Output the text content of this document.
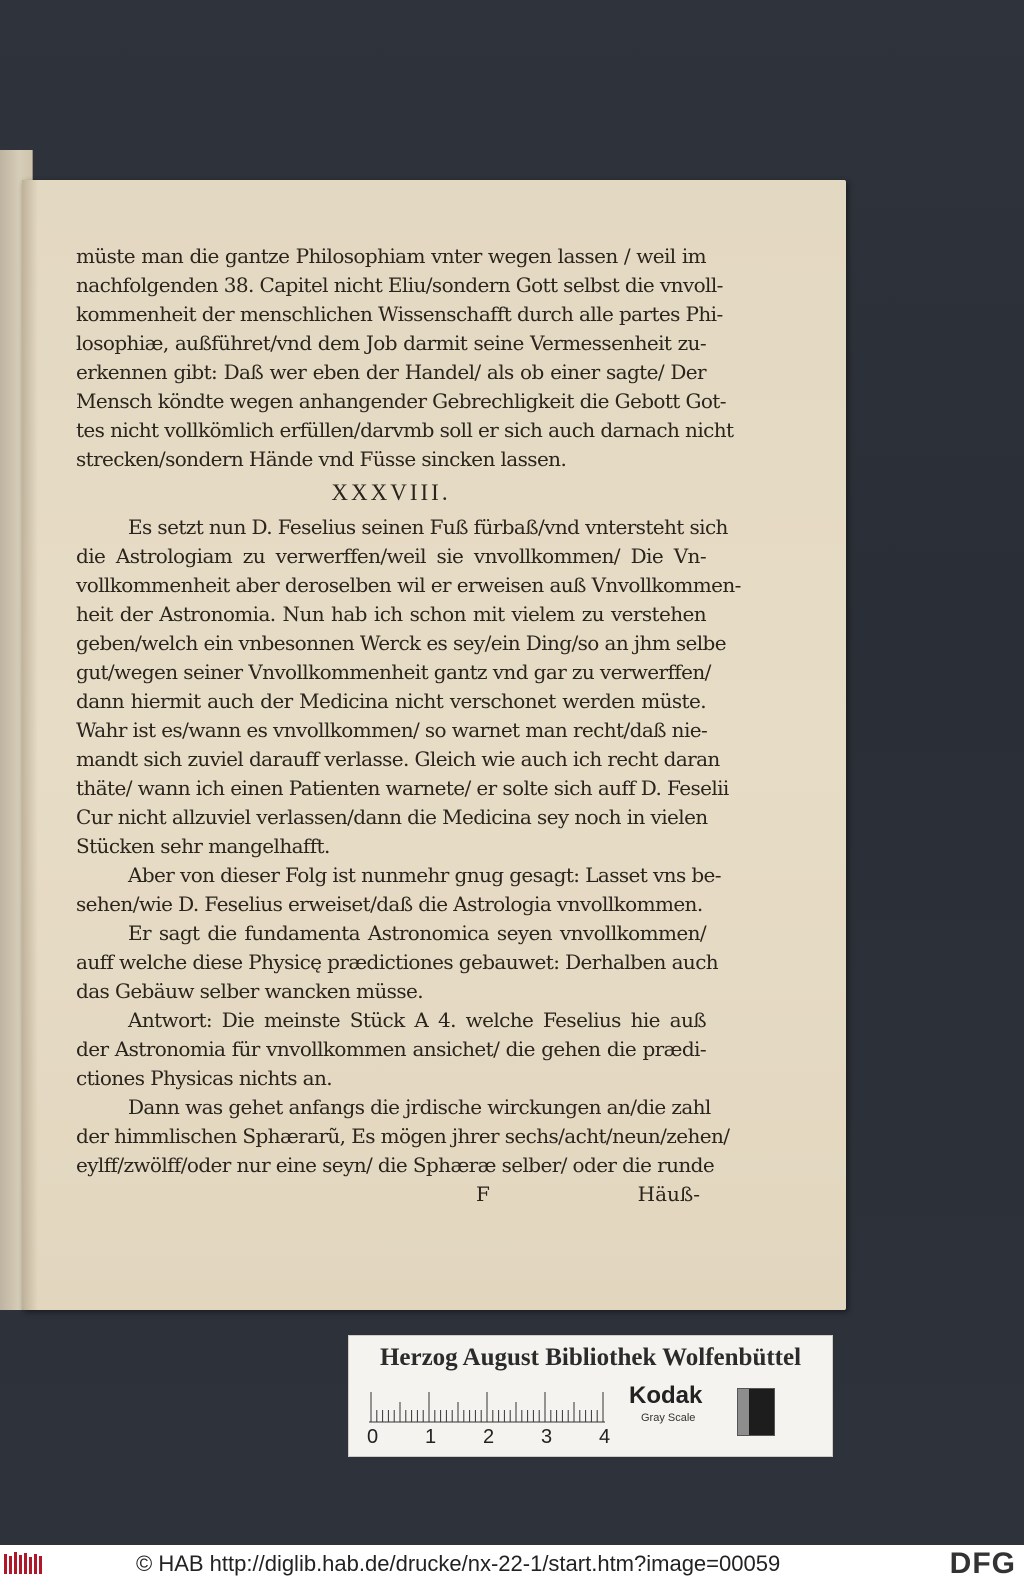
müste man die gantze Philosophiam vnter wegen lassen / weil im
nachfolgenden 38. Capitel nicht Eliu/sondern Gott selbst die vnvoll-
kommenheit der menschlichen Wissenschafft durch alle partes Phi-
losophiæ, außführet/vnd dem Job darmit seine Vermessenheit zu-
erkennen gibt: Daß wer eben der Handel/ als ob einer sagte/ Der
Mensch köndte wegen anhangender Gebrechligkeit die Gebott Got-
tes nicht vollkömlich erfüllen/darvmb soll er sich auch darnach nicht
strecken/sondern Hände vnd Füsse sincken lassen.
XXXVIII.
Es setzt nun D. Feselius seinen Fuß fürbaß/vnd vntersteht sich
die Astrologiam zu verwerffen/weil sie vnvollkommen/ Die Vn-
vollkommenheit aber deroselben wil er erweisen auß Vnvollkommen-
heit der Astronomia. Nun hab ich schon mit vielem zu verstehen
geben/welch ein vnbesonnen Werck es sey/ein Ding/so an jhm selbe
gut/wegen seiner Vnvollkommenheit gantz vnd gar zu verwerffen/
dann hiermit auch der Medicina nicht verschonet werden müste.
Wahr ist es/wann es vnvollkommen/ so warnet man recht/daß nie-
mandt sich zuviel darauff verlasse. Gleich wie auch ich recht daran
thäte/ wann ich einen Patienten warnete/ er solte sich auff D. Feselii
Cur nicht allzuviel verlassen/dann die Medicina sey noch in vielen
Stücken sehr mangelhafft.
Aber von dieser Folg ist nunmehr gnug gesagt: Lasset vns be-
sehen/wie D. Feselius erweiset/daß die Astrologia vnvollkommen.
Er sagt die fundamenta Astronomica seyen vnvollkommen/
auff welche diese Physicę prædictiones gebauwet: Derhalben auch
das Gebäuw selber wancken müsse.
Antwort: Die meinste Stück A 4. welche Feselius hie auß
der Astronomia für vnvollkommen ansichet/ die gehen die prædi-
ctiones Physicas nichts an.
Dann was gehet anfangs die jrdische wirckungen an/die zahl
der himmlischen Sphærarũ, Es mögen jhrer sechs/acht/neun/zehen/
eylff/zwölff/oder nur eine seyn/ die Sphæræ selber/ oder die runde
F	Häuß-
Herzog August Bibliothek Wolfenbüttel
0 1 2 3 4
Kodak
Gray Scale
© HAB http://diglib.hab.de/drucke/nx-22-1/start.htm?image=00059	DFG
